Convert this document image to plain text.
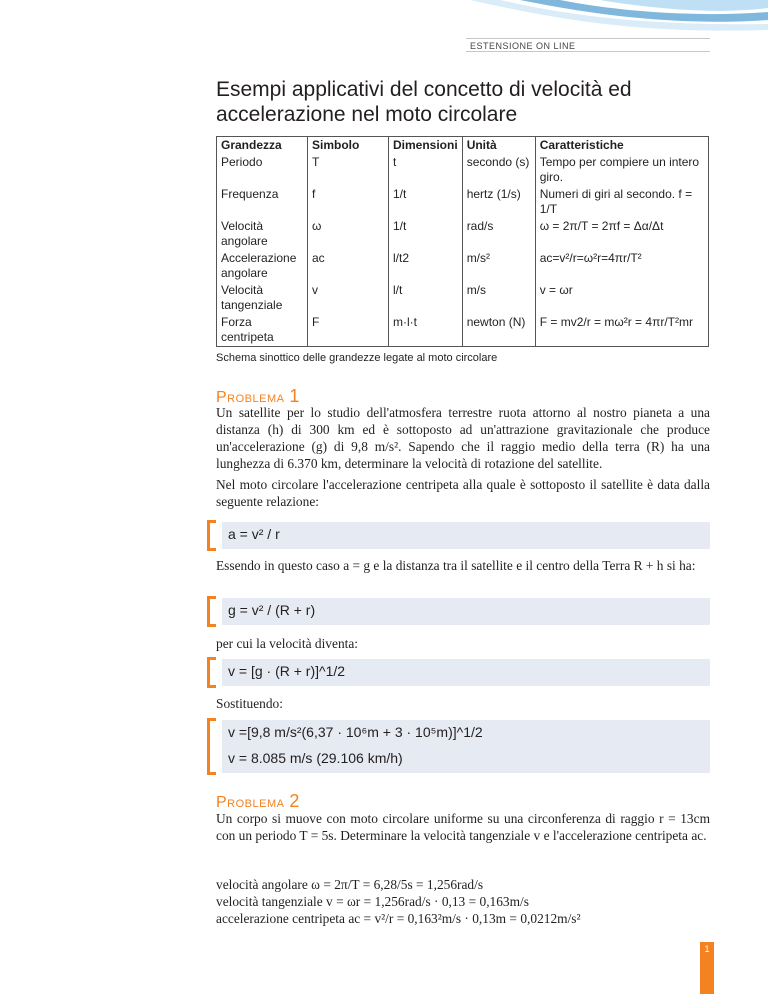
ESTENSIONE ON LINE
Esempi applicativi del concetto di velocità ed accelerazione nel moto circolare
Grandezza	Simbolo	Dimensioni	Unità	Caratteristiche
Periodo	T	t	secondo (s)	Tempo per compiere un intero giro.
Frequenza	f	1/t	hertz (1/s)	Numeri di giri al secondo. f = 1/T
Velocità angolare	ω	1/t	rad/s	ω = 2π/T = 2πf = Δα/Δt
Accelerazione angolare	ac	l/t2	m/s²	ac=v²/r=ω²r=4πr/T²
Velocità tangenziale	v	l/t	m/s	v = ωr
Forza centripeta	F	m·l·t	newton (N)	F = mv2/r = mω²r = 4πr/T²mr
Schema sinottico delle grandezze legate al moto circolare
Problema 1

Un satellite per lo studio dell'atmosfera terrestre ruota attorno al nostro pianeta a una distanza (h) di 300 km ed è sottoposto ad un'attrazione gravitazionale che produce un'accelerazione (g) di 9,8 m/s². Sapendo che il raggio medio della terra (R) ha una lunghezza di 6.370 km, determinare la velocità di rotazione del satellite.

Nel moto circolare l'accelerazione centripeta alla quale è sottoposto il satellite è data dalla seguente relazione:

a = v² / r

Essendo in questo caso a = g e la distanza tra il satellite e il centro della Terra R + h si ha:

g = v² / (R + r)

per cui la velocità diventa:

v = [g · (R + r)]^1/2

Sostituendo:

v =[9,8 m/s²(6,37 · 10⁶m + 3 · 10⁵m)]^1/2
v = 8.085 m/s (29.106 km/h)
Problema 2

Un corpo si muove con moto circolare uniforme su una circonferenza di raggio r = 13cm con un periodo T = 5s. Determinare la velocità tangenziale v e l'accelerazione centripeta ac.

velocità angolare ω = 2π/T = 6,28/5s = 1,256rad/s

velocità tangenziale v = ωr = 1,256rad/s · 0,13 = 0,163m/s

accelerazione centripeta ac = v²/r = 0,163²m/s · 0,13m = 0,0212m/s²

1
